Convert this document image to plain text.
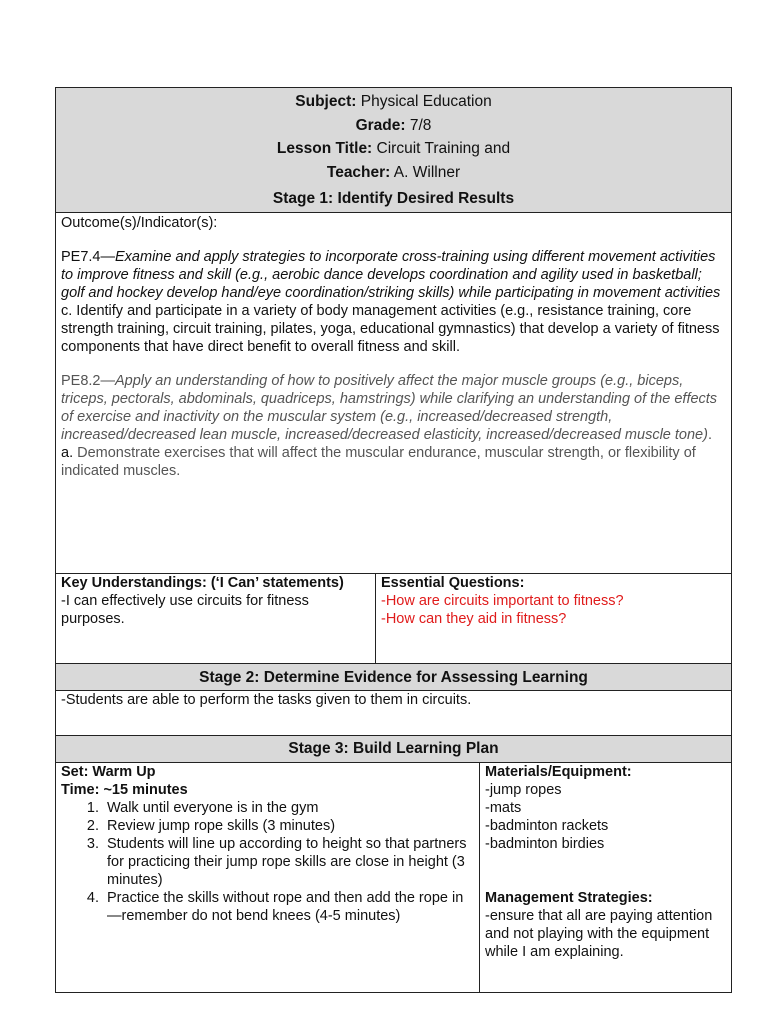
Subject: Physical Education
Grade: 7/8
Lesson Title: Circuit Training and
Teacher: A. Willner
Stage 1: Identify Desired Results

Outcome(s)/Indicator(s):

PE7.4—Examine and apply strategies to incorporate cross-training using different movement activities to improve fitness and skill (e.g., aerobic dance develops coordination and agility used in basketball; golf and hockey develop hand/eye coordination/striking skills) while participating in movement activities

c. Identify and participate in a variety of body management activities (e.g., resistance training, core strength training, circuit training, pilates, yoga, educational gymnastics) that develop a variety of fitness components that have direct benefit to overall fitness and skill.

PE8.2—Apply an understanding of how to positively affect the major muscle groups (e.g., biceps, triceps, pectorals, abdominals, quadriceps, hamstrings) while clarifying an understanding of the effects of exercise and inactivity on the muscular system (e.g., increased/decreased strength, increased/decreased lean muscle, increased/decreased elasticity, increased/decreased muscle tone).

a. Demonstrate exercises that will affect the muscular endurance, muscular strength, or flexibility of indicated muscles.

Key Understandings: (‘I Can’ statements)
-I can effectively use circuits for fitness purposes.
Essential Questions:
-How are circuits important to fitness?
-How can they aid in fitness?
Stage 2: Determine Evidence for Assessing Learning
-Students are able to perform the tasks given to them in circuits.
Stage 3: Build Learning Plan
Set: Warm Up
Time: ~15 minutes
1. Walk until everyone is in the gym
2. Review jump rope skills (3 minutes)
3. Students will line up according to height so that partners for practicing their jump rope skills are close in height (3 minutes)
4. Practice the skills without rope and then add the rope in—remember do not bend knees (4-5 minutes)
Materials/Equipment:
-jump ropes
-mats
-badminton rackets
-badminton birdies
Management Strategies:
-ensure that all are paying attention and not playing with the equipment while I am explaining.
